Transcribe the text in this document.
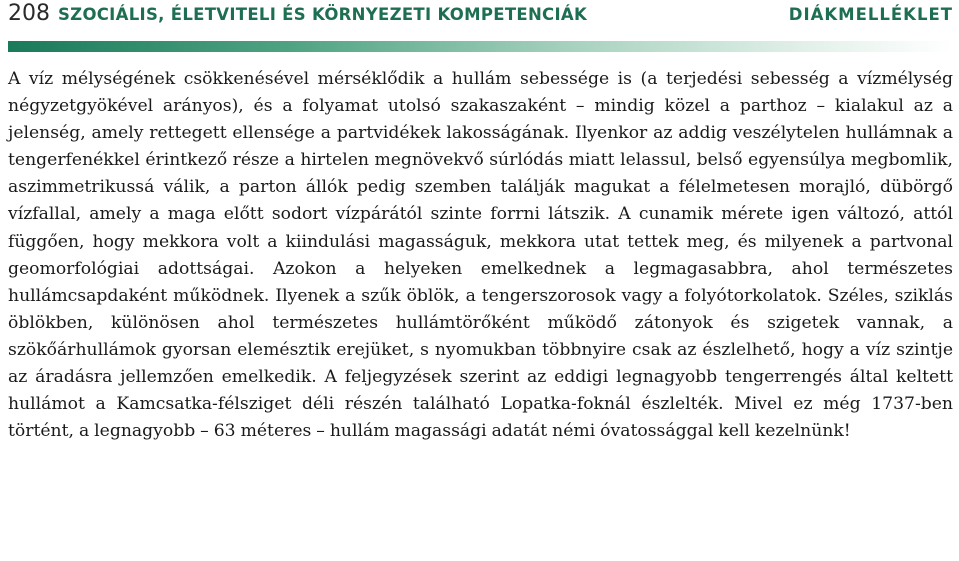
208 SZOCIÁLIS, ÉLETVITELI ÉS KÖRNYEZETI KOMPETENCIÁK	DIÁKMELLÉKLET

A víz mélységének csökkenésével mérséklődik a hullám sebessége is (a terjedési sebesség a vízmélység négyzetgyökével arányos), és a folyamat utolsó szakaszaként – mindig közel a parthoz – kialakul az a jelenség, amely rettegett ellensége a partvidékek lakosságának. Ilyenkor az addig veszélytelen hullámnak a tengerfenékkel érintkező része a hirtelen megnövekvő súrlódás miatt lelassul, belső egyensúlya megbomlik, aszimmetrikussá válik, a parton állók pedig szemben találják magukat a félelmetesen morajló, dübörgő vízfallal, amely a maga előtt sodort vízpárától szinte forrni látszik. A cunamik mérete igen változó, attól függően, hogy mekkora volt a kiindulási magasságuk, mekkora utat tettek meg, és milyenek a partvonal geomorfológiai adottságai. Azokon a helyeken emelkednek a legmagasabbra, ahol természetes hullámcsapdaként működnek. Ilyenek a szűk öblök, a tengerszorosok vagy a folyótorkolatok. Széles, sziklás öblökben, különösen ahol természetes hullámtörőként működő zátonyok és szigetek vannak, a szökőárhullámok gyorsan elemésztik erejüket, s nyomukban többnyire csak az észlelhető, hogy a víz szintje az áradásra jellemzően emelkedik. A feljegyzések szerint az eddigi legnagyobb tengerrengés által keltett hullámot a Kamcsatka-félsziget déli részén található Lopatka-foknál észlelték. Mivel ez még 1737-ben történt, a legnagyobb – 63 méteres – hullám magassági adatát némi óvatossággal kell kezelnünk!
